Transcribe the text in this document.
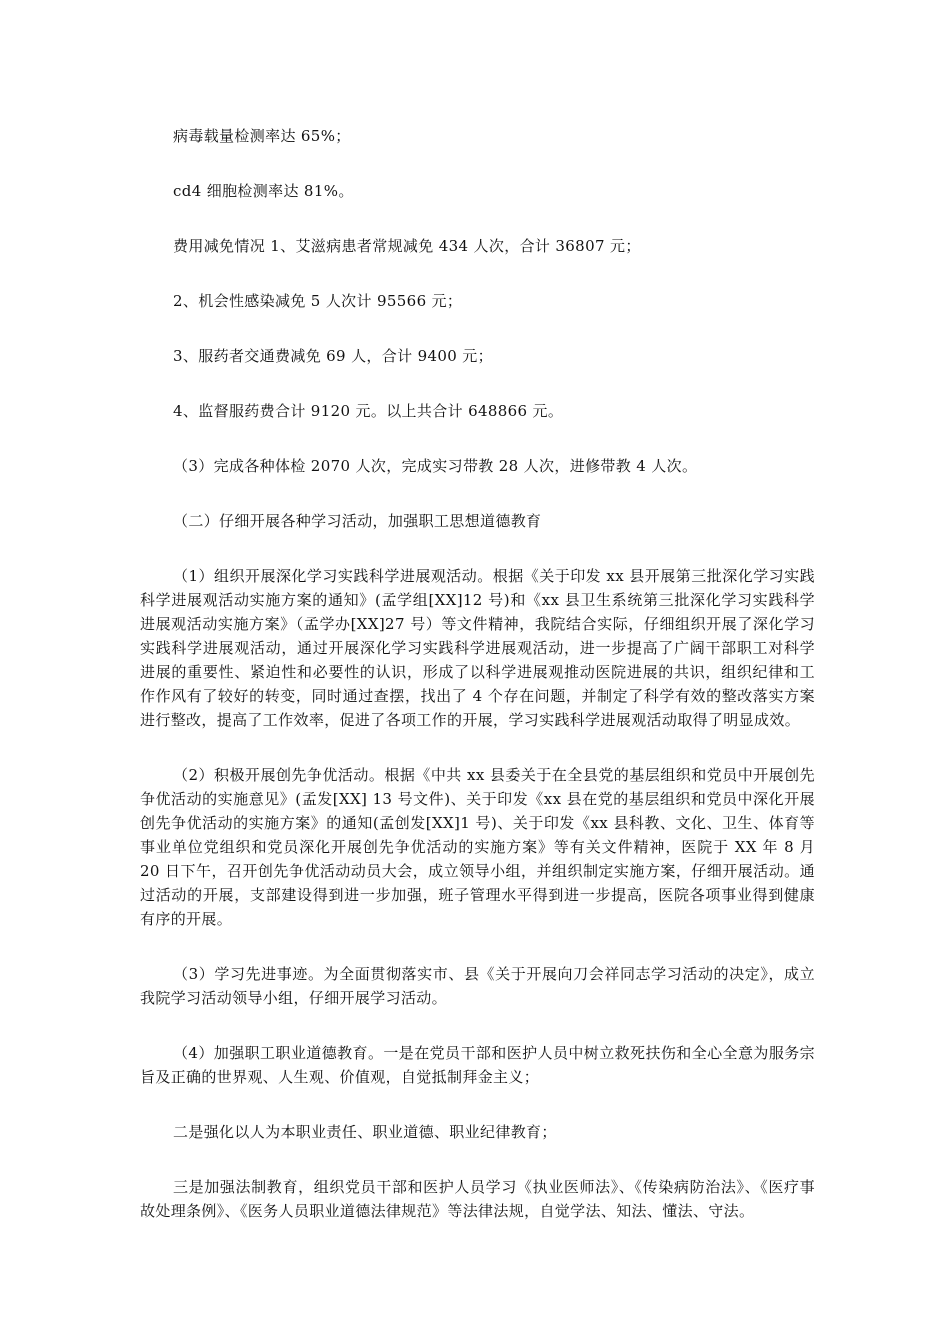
病毒载量检测率达 65%；

cd4 细胞检测率达 81%。

费用减免情况 1、艾滋病患者常规减免 434 人次，合计 36807 元；

2、机会性感染减免 5 人次计 95566 元；

3、服药者交通费减免 69 人，合计 9400 元；

4、监督服药费合计 9120 元。以上共合计 648866 元。

（3）完成各种体检 2070 人次，完成实习带教 28 人次，进修带教 4 人次。

（二）仔细开展各种学习活动，加强职工思想道德教育

（1）组织开展深化学习实践科学进展观活动。根据《关于印发 xx 县开展第三批深化学习实践科学进展观活动实施方案的通知》(孟学组[XX]12 号)和《xx 县卫生系统第三批深化学习实践科学进展观活动实施方案》（孟学办[XX]27 号）等文件精神，我院结合实际，仔细组织开展了深化学习实践科学进展观活动，通过开展深化学习实践科学进展观活动，进一步提高了广阔干部职工对科学进展的重要性、紧迫性和必要性的认识，形成了以科学进展观推动医院进展的共识，组织纪律和工作作风有了较好的转变，同时通过查摆，找出了 4 个存在问题，并制定了科学有效的整改落实方案进行整改，提高了工作效率，促进了各项工作的开展，学习实践科学进展观活动取得了明显成效。

（2）积极开展创先争优活动。根据《中共 xx 县委关于在全县党的基层组织和党员中开展创先争优活动的实施意见》(孟发[XX] 13 号文件)、关于印发《xx 县在党的基层组织和党员中深化开展创先争优活动的实施方案》的通知(孟创发[XX]1 号)、关于印发《xx 县科教、文化、卫生、体育等事业单位党组织和党员深化开展创先争优活动的实施方案》等有关文件精神，医院于 XX 年 8 月 20 日下午，召开创先争优活动动员大会，成立领导小组，并组织制定实施方案，仔细开展活动。通过活动的开展，支部建设得到进一步加强，班子管理水平得到进一步提高，医院各项事业得到健康有序的开展。

（3）学习先进事迹。为全面贯彻落实市、县《关于开展向刀会祥同志学习活动的决定》，成立我院学习活动领导小组，仔细开展学习活动。

（4）加强职工职业道德教育。一是在党员干部和医护人员中树立救死扶伤和全心全意为服务宗旨及正确的世界观、人生观、价值观，自觉抵制拜金主义；

二是强化以人为本职业责任、职业道德、职业纪律教育；

三是加强法制教育，组织党员干部和医护人员学习《执业医师法》、《传染病防治法》、《医疗事故处理条例》、《医务人员职业道德法律规范》等法律法规，自觉学法、知法、懂法、守法。
